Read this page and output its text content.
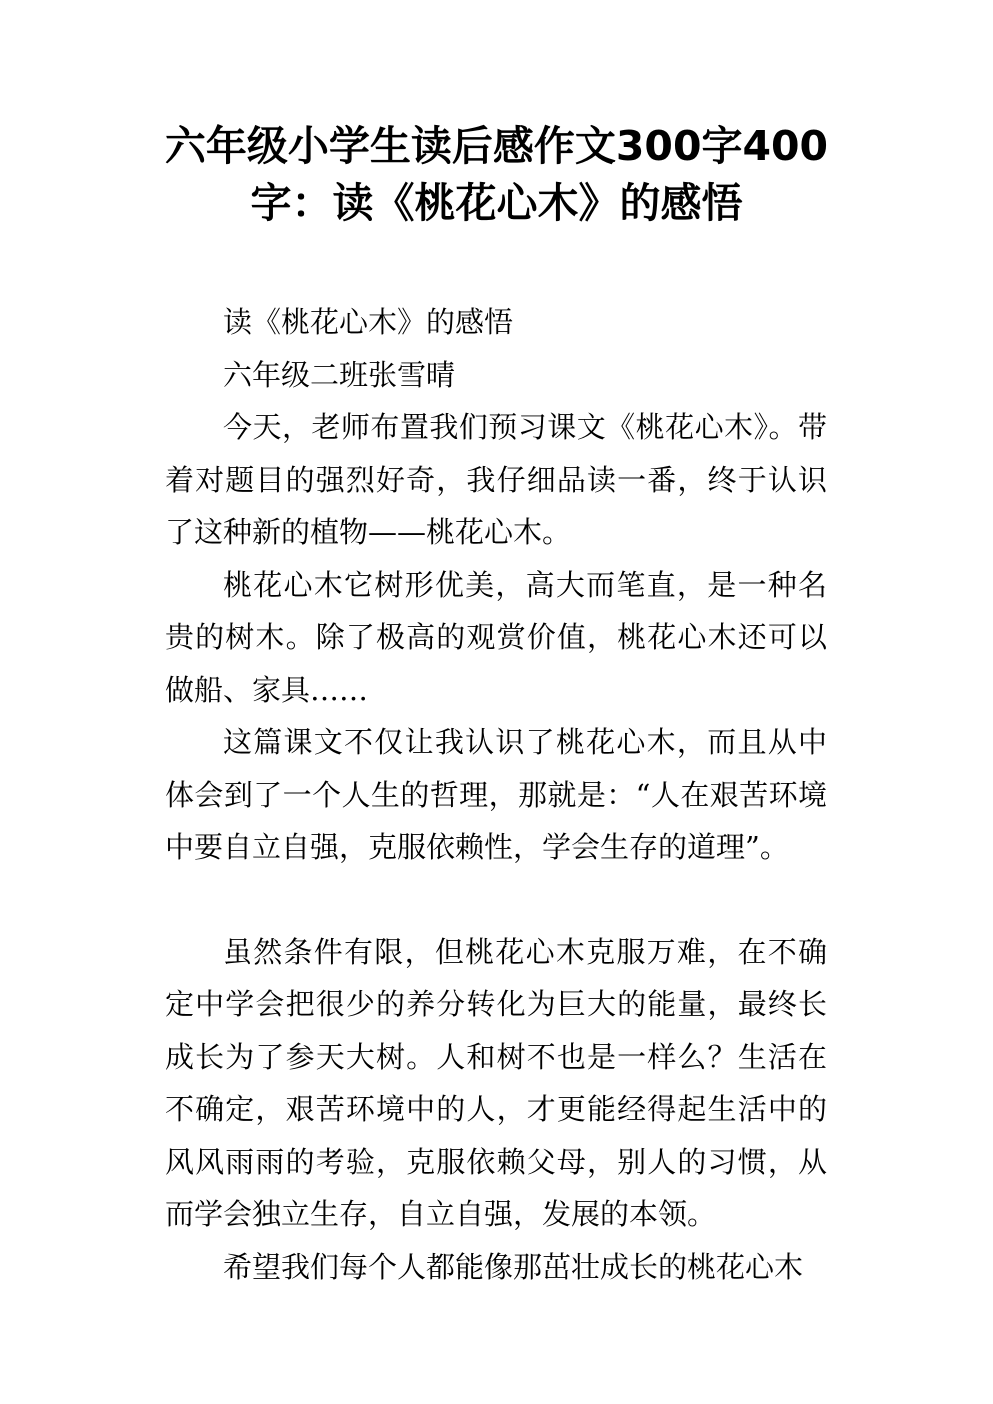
六年级小学生读后感作文300字400字：读《桃花心木》的感悟

读《桃花心木》的感悟

六年级二班张雪晴

今天，老师布置我们预习课文《桃花心木》。带着对题目的强烈好奇，我仔细品读一番，终于认识了这种新的植物——桃花心木。

桃花心木它树形优美，高大而笔直，是一种名贵的树木。除了极高的观赏价值，桃花心木还可以做船、家具……

这篇课文不仅让我认识了桃花心木，而且从中体会到了一个人生的哲理，那就是：“人在艰苦环境中要自立自强，克服依赖性，学会生存的道理”。

虽然条件有限，但桃花心木克服万难，在不确定中学会把很少的养分转化为巨大的能量，最终长成长为了参天大树。人和树不也是一样么？生活在不确定，艰苦环境中的人，才更能经得起生活中的风风雨雨的考验，克服依赖父母，别人的习惯，从而学会独立生存，自立自强，发展的本领。

希望我们每个人都能像那茁壮成长的桃花心木
